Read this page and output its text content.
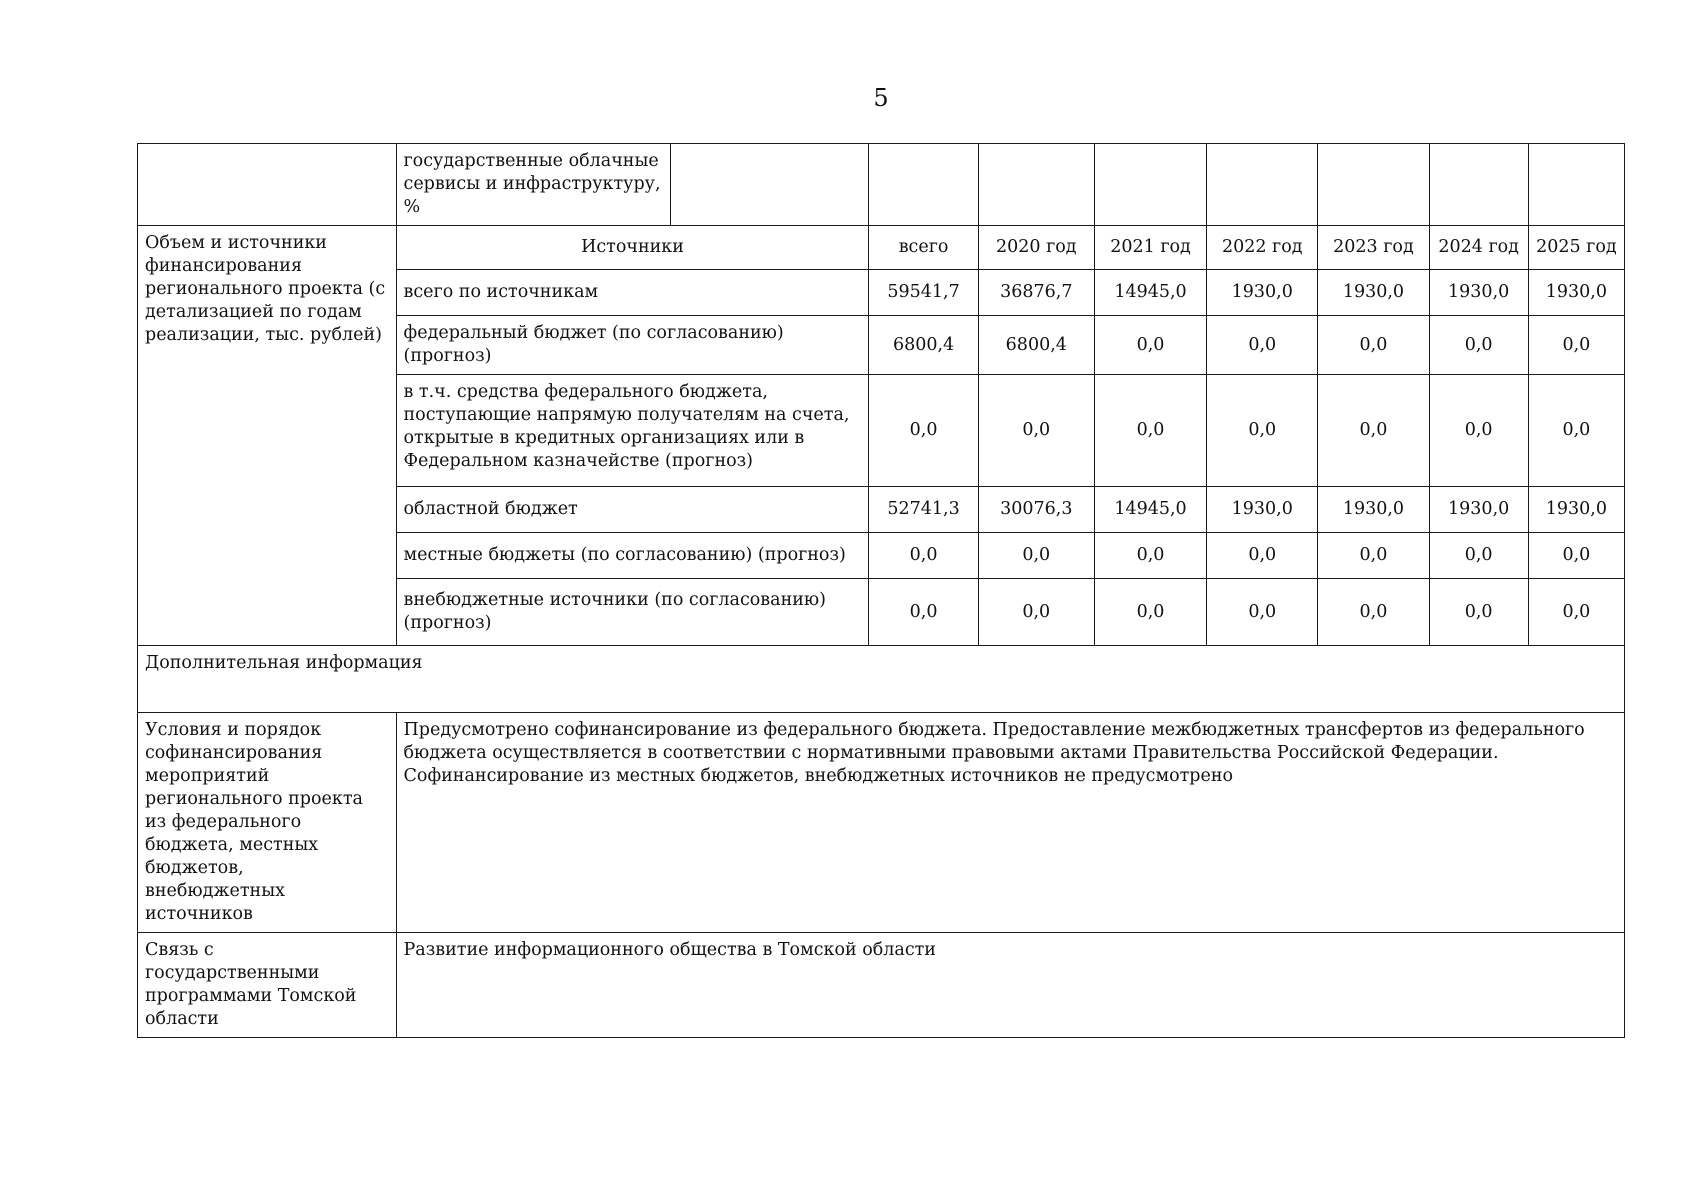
5
	государственные облачные сервисы и инфраструктуру, %								
Объем и источники финансирования регионального проекта (с детализацией по годам реализации, тыс. рублей)	Источники		всего	2020 год	2021 год	2022 год	2023 год	2024 год	2025 год
	всего по источникам		59541,7	36876,7	14945,0	1930,0	1930,0	1930,0	1930,0
	федеральный бюджет (по согласованию) (прогноз)		6800,4	6800,4	0,0	0,0	0,0	0,0	0,0
	в т.ч. средства федерального бюджета, поступающие напрямую получателям на счета, открытые в кредитных организациях или в Федеральном казначействе (прогноз)		0,0	0,0	0,0	0,0	0,0	0,0	0,0
	областной бюджет		52741,3	30076,3	14945,0	1930,0	1930,0	1930,0	1930,0
	местные бюджеты (по согласованию) (прогноз)		0,0	0,0	0,0	0,0	0,0	0,0	0,0
	внебюджетные источники (по согласованию) (прогноз)		0,0	0,0	0,0	0,0	0,0	0,0	0,0
Дополнительная информация									
Условия и порядок софинансирования мероприятий регионального проекта из федерального бюджета, местных бюджетов, внебюджетных источников	Предусмотрено софинансирование из федерального бюджета. Предоставление межбюджетных трансфертов из федерального бюджета осуществляется в соответствии с нормативными правовыми актами Правительства Российской Федерации.
Софинансирование из местных бюджетов, внебюджетных источников не предусмотрено								

Связь с государственными программами Томской области	Развитие информационного общества в Томской области								
